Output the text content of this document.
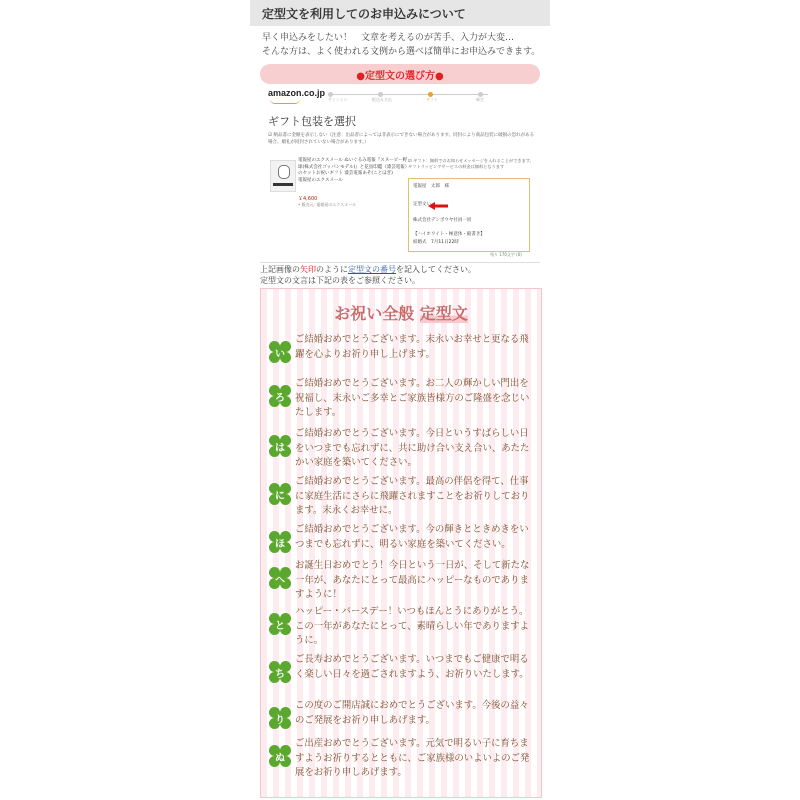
定型文を利用してのお申込みについて
早く申込みをしたい！　文章を考えるのが苦手、入力が大変…
そんな方は、よく使われる文例から選べば簡単にお申込みできます。
●定型文の選び方●
amazon.co.jp
サインイン	配送＆支払	ギフト	確定
ギフト包装を選択
☑ 納品書に金額を表示しない（注意：出品者によっては非表示にできない場合があります。同封により商品包装に破損の恐れがある場合、順礼が同封されていない場合があります。）
電報屋のエクスメール ぬいぐるみ電報『スヌーピー野球(株式会社ゴッパンモデル)』と花鳥印鑑（漆芸電報）のセットお祝いギフト 漆芸電報あそ(ことほぎ)
電報屋のエクスメール
￥4,600
• 販売元: 電報屋のエクスメール
☑ ギフト：無料でのお知らせメッセージを入れることができます。 ギフトラッピングサービスの料金は無料となります
電報屋　太郎　様
定型文い
株式会社デンポウヤ社員一同
【ハイホワイト・極意体・縦書き】
結婚式　7月11日22時
残り 170文字 (0)
上記画像の矢印のように定型文の番号を記入してください。
定型文の文言は下記の表をご参照ください。
お祝い全般 定型文
い
ご結婚おめでとうございます。末永いお幸せと更なる飛躍を心よりお祈り申し上げます。
ろ
ご結婚おめでとうございます。お二人の輝かしい門出を祝福し、末永いご多幸とご家族皆様方のご隆盛を念じいたします。
は
ご結婚おめでとうございます。今日というすばらしい日をいつまでも忘れずに、共に助け合い支え合い、あたたかい家庭を築いてください。
に
ご結婚おめでとうございます。最高の伴侶を得て、仕事に家庭生活にさらに飛躍されますことをお祈りしております。末永くお幸せに。
ほ
ご結婚おめでとうございます。今の輝きとときめきをいつまでも忘れずに、明るい家庭を築いてください。
へ
お誕生日おめでとう！今日という一日が、そして新たな一年が、あなたにとって最高にハッピーなものでありますように！
と
ハッピー・バースデー！いつもほんとうにありがとう。この一年があなたにとって、素晴らしい年でありますように。
ち
ご長寿おめでとうございます。いつまでもご健康で明るく楽しい日々を過ごされますよう、お祈りいたします。
り
この度のご開店誠におめでとうございます。今後の益々のご発展をお祈り申しあげます。
ぬ
ご出産おめでとうございます。元気で明るい子に育ちますようお祈りするとともに、ご家族様のいよいよのご発展をお祈り申しあげます。
